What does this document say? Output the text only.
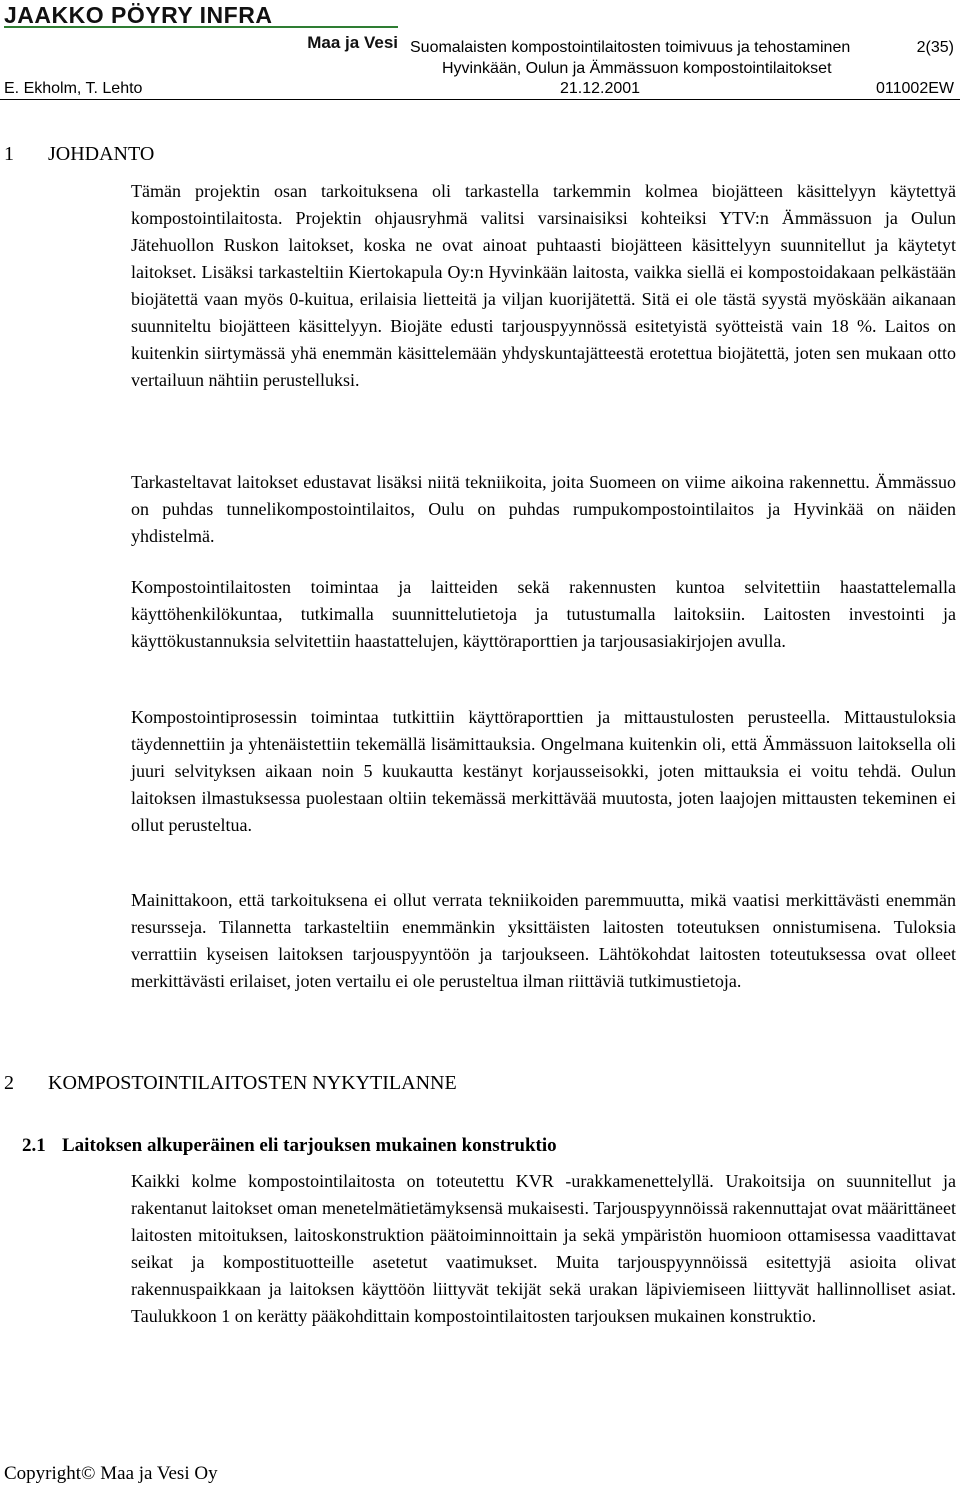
JAAKKO PÖYRY INFRA
Maa ja Vesi Suomalaisten kompostointilaitosten toimivuus ja tehostaminen	2(35)
Hyvinkään, Oulun ja Ämmässuon kompostointilaitokset
E. Ekholm, T. Lehto	21.12.2001	011002EW
1 JOHDANTO

Tämän projektin osan tarkoituksena oli tarkastella tarkemmin kolmea biojätteen käsittelyyn käytettyä kompostointilaitosta. Projektin ohjausryhmä valitsi varsinaisiksi kohteiksi YTV:n Ämmässuon ja Oulun Jätehuollon Ruskon laitokset, koska ne ovat ainoat puhtaasti biojätteen käsittelyyn suunnitellut ja käytetyt laitokset. Lisäksi tarkasteltiin Kiertokapula Oy:n Hyvinkään laitosta, vaikka siellä ei kompostoidakaan pelkästään biojätettä vaan myös 0-kuitua, erilaisia lietteitä ja viljan kuorijätettä. Sitä ei ole tästä syystä myöskään aikanaan suunniteltu biojätteen käsittelyyn. Biojäte edusti tarjouspyynnössä esitetyistä syötteistä vain 18 %. Laitos on kuitenkin siirtymässä yhä enemmän käsittelemään yhdyskuntajätteestä erotettua biojätettä, joten sen mukaan otto vertailuun nähtiin perustelluksi.

Tarkasteltavat laitokset edustavat lisäksi niitä tekniikoita, joita Suomeen on viime aikoina rakennettu. Ämmässuo on puhdas tunnelikompostointilaitos, Oulu on puhdas rumpukompostointilaitos ja Hyvinkää on näiden yhdistelmä.

Kompostointilaitosten toimintaa ja laitteiden sekä rakennusten kuntoa selvitettiin haastattelemalla käyttöhenkilökuntaa, tutkimalla suunnittelutietoja ja tutustumalla laitoksiin. Laitosten investointi ja käyttökustannuksia selvitettiin haastattelujen, käyttöraporttien ja tarjousasiakirjojen avulla.

Kompostointiprosessin toimintaa tutkittiin käyttöraporttien ja mittaustulosten perusteella. Mittaustuloksia täydennettiin ja yhtenäistettiin tekemällä lisämittauksia. Ongelmana kuitenkin oli, että Ämmässuon laitoksella oli juuri selvityksen aikaan noin 5 kuukautta kestänyt korjausseisokki, joten mittauksia ei voitu tehdä. Oulun laitoksen ilmastuksessa puolestaan oltiin tekemässä merkittävää muutosta, joten laajojen mittausten tekeminen ei ollut perusteltua.

Mainittakoon, että tarkoituksena ei ollut verrata tekniikoiden paremmuutta, mikä vaatisi merkittävästi enemmän resursseja. Tilannetta tarkasteltiin enemmänkin yksittäisten laitosten toteutuksen onnistumisena. Tuloksia verrattiin kyseisen laitoksen tarjouspyyntöön ja tarjoukseen. Lähtökohdat laitosten toteutuksessa ovat olleet merkittävästi erilaiset, joten vertailu ei ole perusteltua ilman riittäviä tutkimustietoja.

2 KOMPOSTOINTILAITOSTEN NYKYTILANNE
2.1 Laitoksen alkuperäinen eli tarjouksen mukainen konstruktio

Kaikki kolme kompostointilaitosta on toteutettu KVR -urakkamenettelyllä. Urakoitsija on suunnitellut ja rakentanut laitokset oman menetelmätietämyksensä mukaisesti. Tarjouspyynnöissä rakennuttajat ovat määrittäneet laitosten mitoituksen, laitoskonstruktion päätoiminnoittain ja sekä ympäristön huomioon ottamisessa vaadittavat seikat ja kompostituotteille asetetut vaatimukset. Muita tarjouspyynnöissä esitettyjä asioita olivat rakennuspaikkaan ja laitoksen käyttöön liittyvät tekijät sekä urakan läpiviemiseen liittyvät hallinnolliset asiat. Taulukkoon 1 on kerätty pääkohdittain kompostointilaitosten tarjouksen mukainen konstruktio.

Copyright© Maa ja Vesi Oy
